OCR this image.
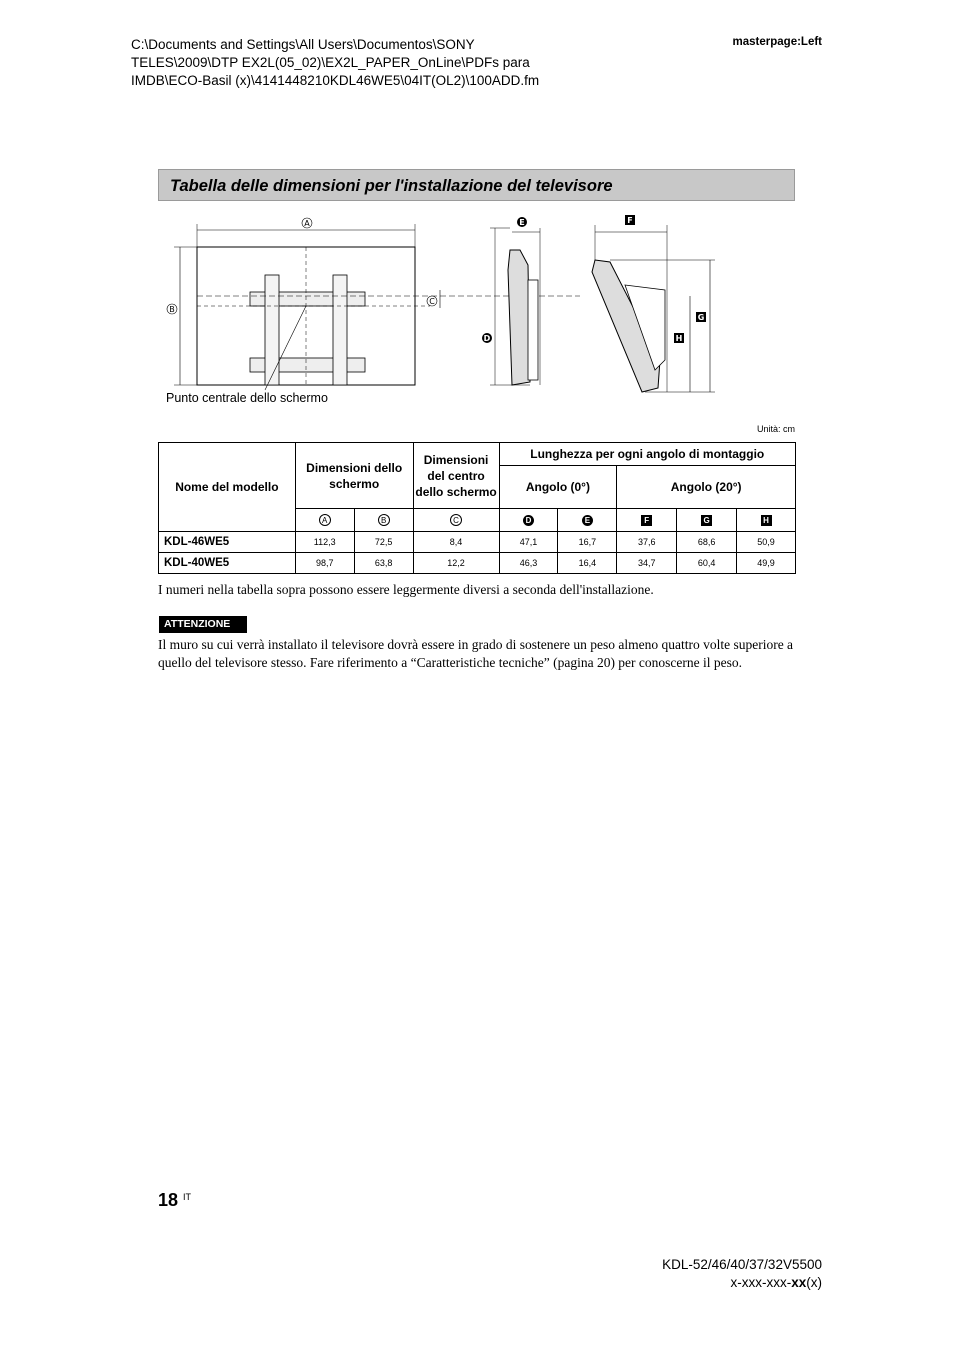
C:\Documents and Settings\All Users\Documentos\SONY
TELES\2009\DTP EX2L(05_02)\EX2L_PAPER_OnLine\PDFs para
IMDB\ECO-Basil (x)\4141448210KDL46WE5\04IT(OL2)\100ADD.fm
masterpage:Left
Tabella delle dimensioni per l'installazione del televisore
A
B
C
D
E	F
G
H
Punto centrale dello schermo
Unità: cm
Nome del modello	Dimensioni dello schermo		Dimensioni del centro dello schermo	Lunghezza per ogni angolo di montaggio				
				Angolo (0°)		Angolo (20°)		
	A	B	C	D	E	F	G	H
KDL-46WE5	112,3	72,5	8,4	47,1	16,7	37,6	68,6	50,9
KDL-40WE5	98,7	63,8	12,2	46,3	16,4	34,7	60,4	49,9
I numeri nella tabella sopra possono essere leggermente diversi a seconda dell'installazione.
ATTENZIONE
Il muro su cui verrà installato il televisore dovrà essere in grado di sostenere un peso almeno quattro volte superiore a quello del televisore stesso. Fare riferimento a “Caratteristiche tecniche” (pagina 20) per conoscerne il peso.
18 IT
KDL-52/46/40/37/32V5500
x-xxx-xxx-xx(x)
